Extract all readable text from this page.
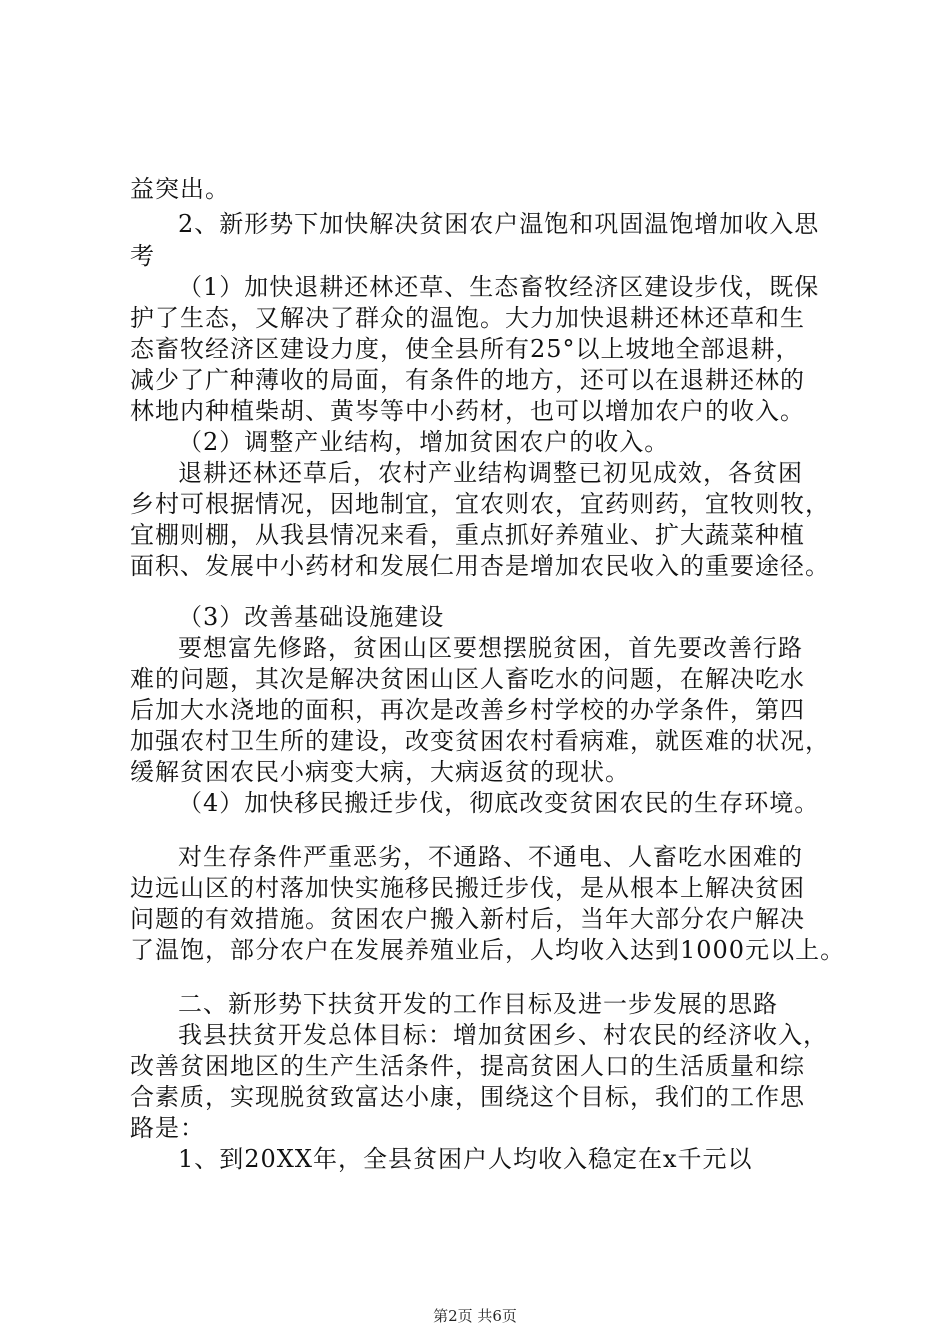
益突出。
2、新形势下加快解决贫困农户温饱和巩固温饱增加收入思
考
（1）加快退耕还林还草、生态畜牧经济区建设步伐，既保
护了生态，又解决了群众的温饱。大力加快退耕还林还草和生
态畜牧经济区建设力度，使全县所有25°以上坡地全部退耕，
减少了广种薄收的局面，有条件的地方，还可以在退耕还林的
林地内种植柴胡、黄岑等中小药材，也可以增加农户的收入。
（2）调整产业结构，增加贫困农户的收入。
退耕还林还草后，农村产业结构调整已初见成效，各贫困
乡村可根据情况，因地制宜，宜农则农，宜药则药，宜牧则牧，
宜棚则棚，从我县情况来看，重点抓好养殖业、扩大蔬菜种植
面积、发展中小药材和发展仁用杏是增加农民收入的重要途径。
（3）改善基础设施建设
要想富先修路，贫困山区要想摆脱贫困，首先要改善行路
难的问题，其次是解决贫困山区人畜吃水的问题，在解决吃水
后加大水浇地的面积，再次是改善乡村学校的办学条件，第四
加强农村卫生所的建设，改变贫困农村看病难，就医难的状况，
缓解贫困农民小病变大病，大病返贫的现状。
（4）加快移民搬迁步伐，彻底改变贫困农民的生存环境。
对生存条件严重恶劣，不通路、不通电、人畜吃水困难的
边远山区的村落加快实施移民搬迁步伐，是从根本上解决贫困
问题的有效措施。贫困农户搬入新村后，当年大部分农户解决
了温饱，部分农户在发展养殖业后，人均收入达到1000元以上。
二、新形势下扶贫开发的工作目标及进一步发展的思路
我县扶贫开发总体目标：增加贫困乡、村农民的经济收入，
改善贫困地区的生产生活条件，提高贫困人口的生活质量和综
合素质，实现脱贫致富达小康，围绕这个目标，我们的工作思
路是：
1、到20XX年，全县贫困户人均收入稳定在x千元以
第2页 共6页
